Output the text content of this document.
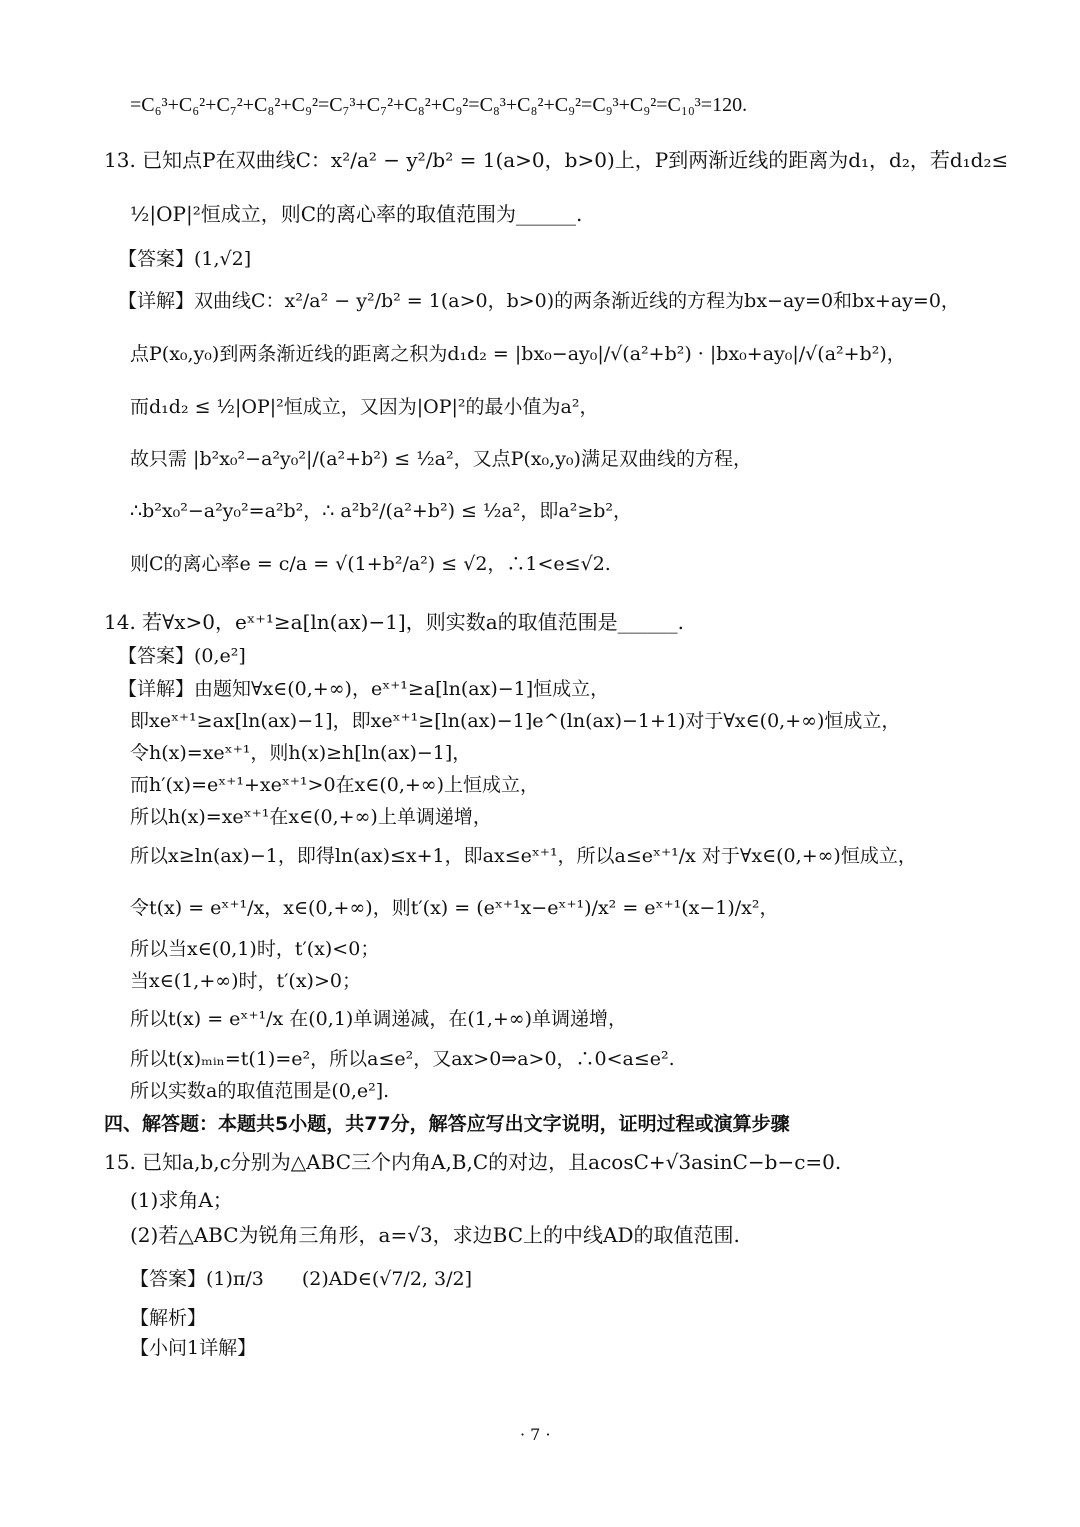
=C₆³+C₆²+C₇²+C₈²+C₉²=C₇³+C₇²+C₈²+C₉²=C₈³+C₈²+C₉²=C₉³+C₉²=C₁₀³=120.
13. 已知点P在双曲线C：x²/a² − y²/b² = 1(a>0，b>0)上，P到两渐近线的距离为d₁，d₂，若d₁d₂≤
½|OP|²恒成立，则C的离心率的取值范围为______.
【答案】(1,√2]
【详解】双曲线C：x²/a² − y²/b² = 1(a>0，b>0)的两条渐近线的方程为bx−ay=0和bx+ay=0，
点P(x₀,y₀)到两条渐近线的距离之积为d₁d₂ = |bx₀−ay₀|/√(a²+b²) · |bx₀+ay₀|/√(a²+b²)，
而d₁d₂ ≤ ½|OP|²恒成立，又因为|OP|²的最小值为a²，
故只需 |b²x₀²−a²y₀²|/(a²+b²) ≤ ½a²，又点P(x₀,y₀)满足双曲线的方程，
∴b²x₀²−a²y₀²=a²b²，∴ a²b²/(a²+b²) ≤ ½a²，即a²≥b²，
则C的离心率e = c/a = √(1+b²/a²) ≤ √2，∴1<e≤√2.
14. 若∀x>0，eˣ⁺¹≥a[ln(ax)−1]，则实数a的取值范围是______.
【答案】(0,e²]
【详解】由题知∀x∈(0,+∞)，eˣ⁺¹≥a[ln(ax)−1]恒成立，
即xeˣ⁺¹≥ax[ln(ax)−1]，即xeˣ⁺¹≥[ln(ax)−1]e^(ln(ax)−1+1)对于∀x∈(0,+∞)恒成立，
令h(x)=xeˣ⁺¹，则h(x)≥h[ln(ax)−1]，
而h′(x)=eˣ⁺¹+xeˣ⁺¹>0在x∈(0,+∞)上恒成立，
所以h(x)=xeˣ⁺¹在x∈(0,+∞)上单调递增，
所以x≥ln(ax)−1，即得ln(ax)≤x+1，即ax≤eˣ⁺¹，所以a≤eˣ⁺¹/x 对于∀x∈(0,+∞)恒成立，
令t(x) = eˣ⁺¹/x，x∈(0,+∞)，则t′(x) = (eˣ⁺¹x−eˣ⁺¹)/x² = eˣ⁺¹(x−1)/x²，
所以当x∈(0,1)时，t′(x)<0；
当x∈(1,+∞)时，t′(x)>0；
所以t(x) = eˣ⁺¹/x 在(0,1)单调递减，在(1,+∞)单调递增，
所以t(x)ₘᵢₙ=t(1)=e²，所以a≤e²，又ax>0⇒a>0，∴0<a≤e².
所以实数a的取值范围是(0,e²].
四、解答题：本题共5小题，共77分，解答应写出文字说明，证明过程或演算步骤
15. 已知a,b,c分别为△ABC三个内角A,B,C的对边，且acosC+√3asinC−b−c=0.
(1)求角A；
(2)若△ABC为锐角三角形，a=√3，求边BC上的中线AD的取值范围.
【答案】(1)π/3　　(2)AD∈(√7/2, 3/2]
【解析】
【小问1详解】
· 7 ·
